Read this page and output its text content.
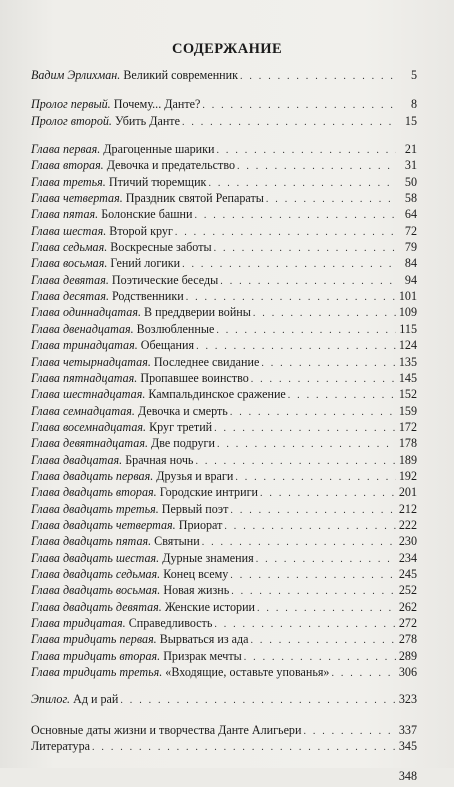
СОДЕРЖАНИЕ
Вадим Эрлихман. Великий современник . . .	5
Пролог первый. Почему... Данте? . . .	8
Пролог второй. Убить Данте . . .	15
Глава первая. Драгоценные шарики . . .	21
Глава вторая. Девочка и предательство . . .	31
Глава третья. Птичий тюремщик . . .	50
Глава четвертая. Праздник святой Репараты . . .	58
Глава пятая. Болонские башни . . .	64
Глава шестая. Второй круг . . .	72
Глава седьмая. Воскресные заботы . . .	79
Глава восьмая. Гений логики . . .	84
Глава девятая. Поэтические беседы . . .	94
Глава десятая. Родственники . . .	101
Глава одиннадцатая. В преддверии войны . . .	109
Глава двенадцатая. Возлюбленные . . .	115
Глава тринадцатая. Обещания . . .	124
Глава четырнадцатая. Последнее свидание . . .	135
Глава пятнадцатая. Пропавшее воинство . . .	145
Глава шестнадцатая. Кампальдинское сражение . . .	152
Глава семнадцатая. Девочка и смерть . . .	159
Глава восемнадцатая. Круг третий . . .	172
Глава девятнадцатая. Две подруги . . .	178
Глава двадцатая. Брачная ночь . . .	189
Глава двадцать первая. Друзья и враги . . .	192
Глава двадцать вторая. Городские интриги . . .	201
Глава двадцать третья. Первый поэт . . .	212
Глава двадцать четвертая. Приорат . . .	222
Глава двадцать пятая. Святыни . . .	230
Глава двадцать шестая. Дурные знамения . . .	234
Глава двадцать седьмая. Конец всему . . .	245
Глава двадцать восьмая. Новая жизнь . . .	252
Глава двадцать девятая. Женские истории . . .	262
Глава тридцатая. Справедливость . . .	272
Глава тридцать первая. Вырваться из ада . . .	278
Глава тридцать вторая. Призрак мечты . . .	289
Глава тридцать третья. «Входящие, оставьте упованья» . . .	306
Эпилог. Ад и рай . . .	323
Основные даты жизни и творчества Данте Алигьери . . .	337
Литература . . .	345
348
